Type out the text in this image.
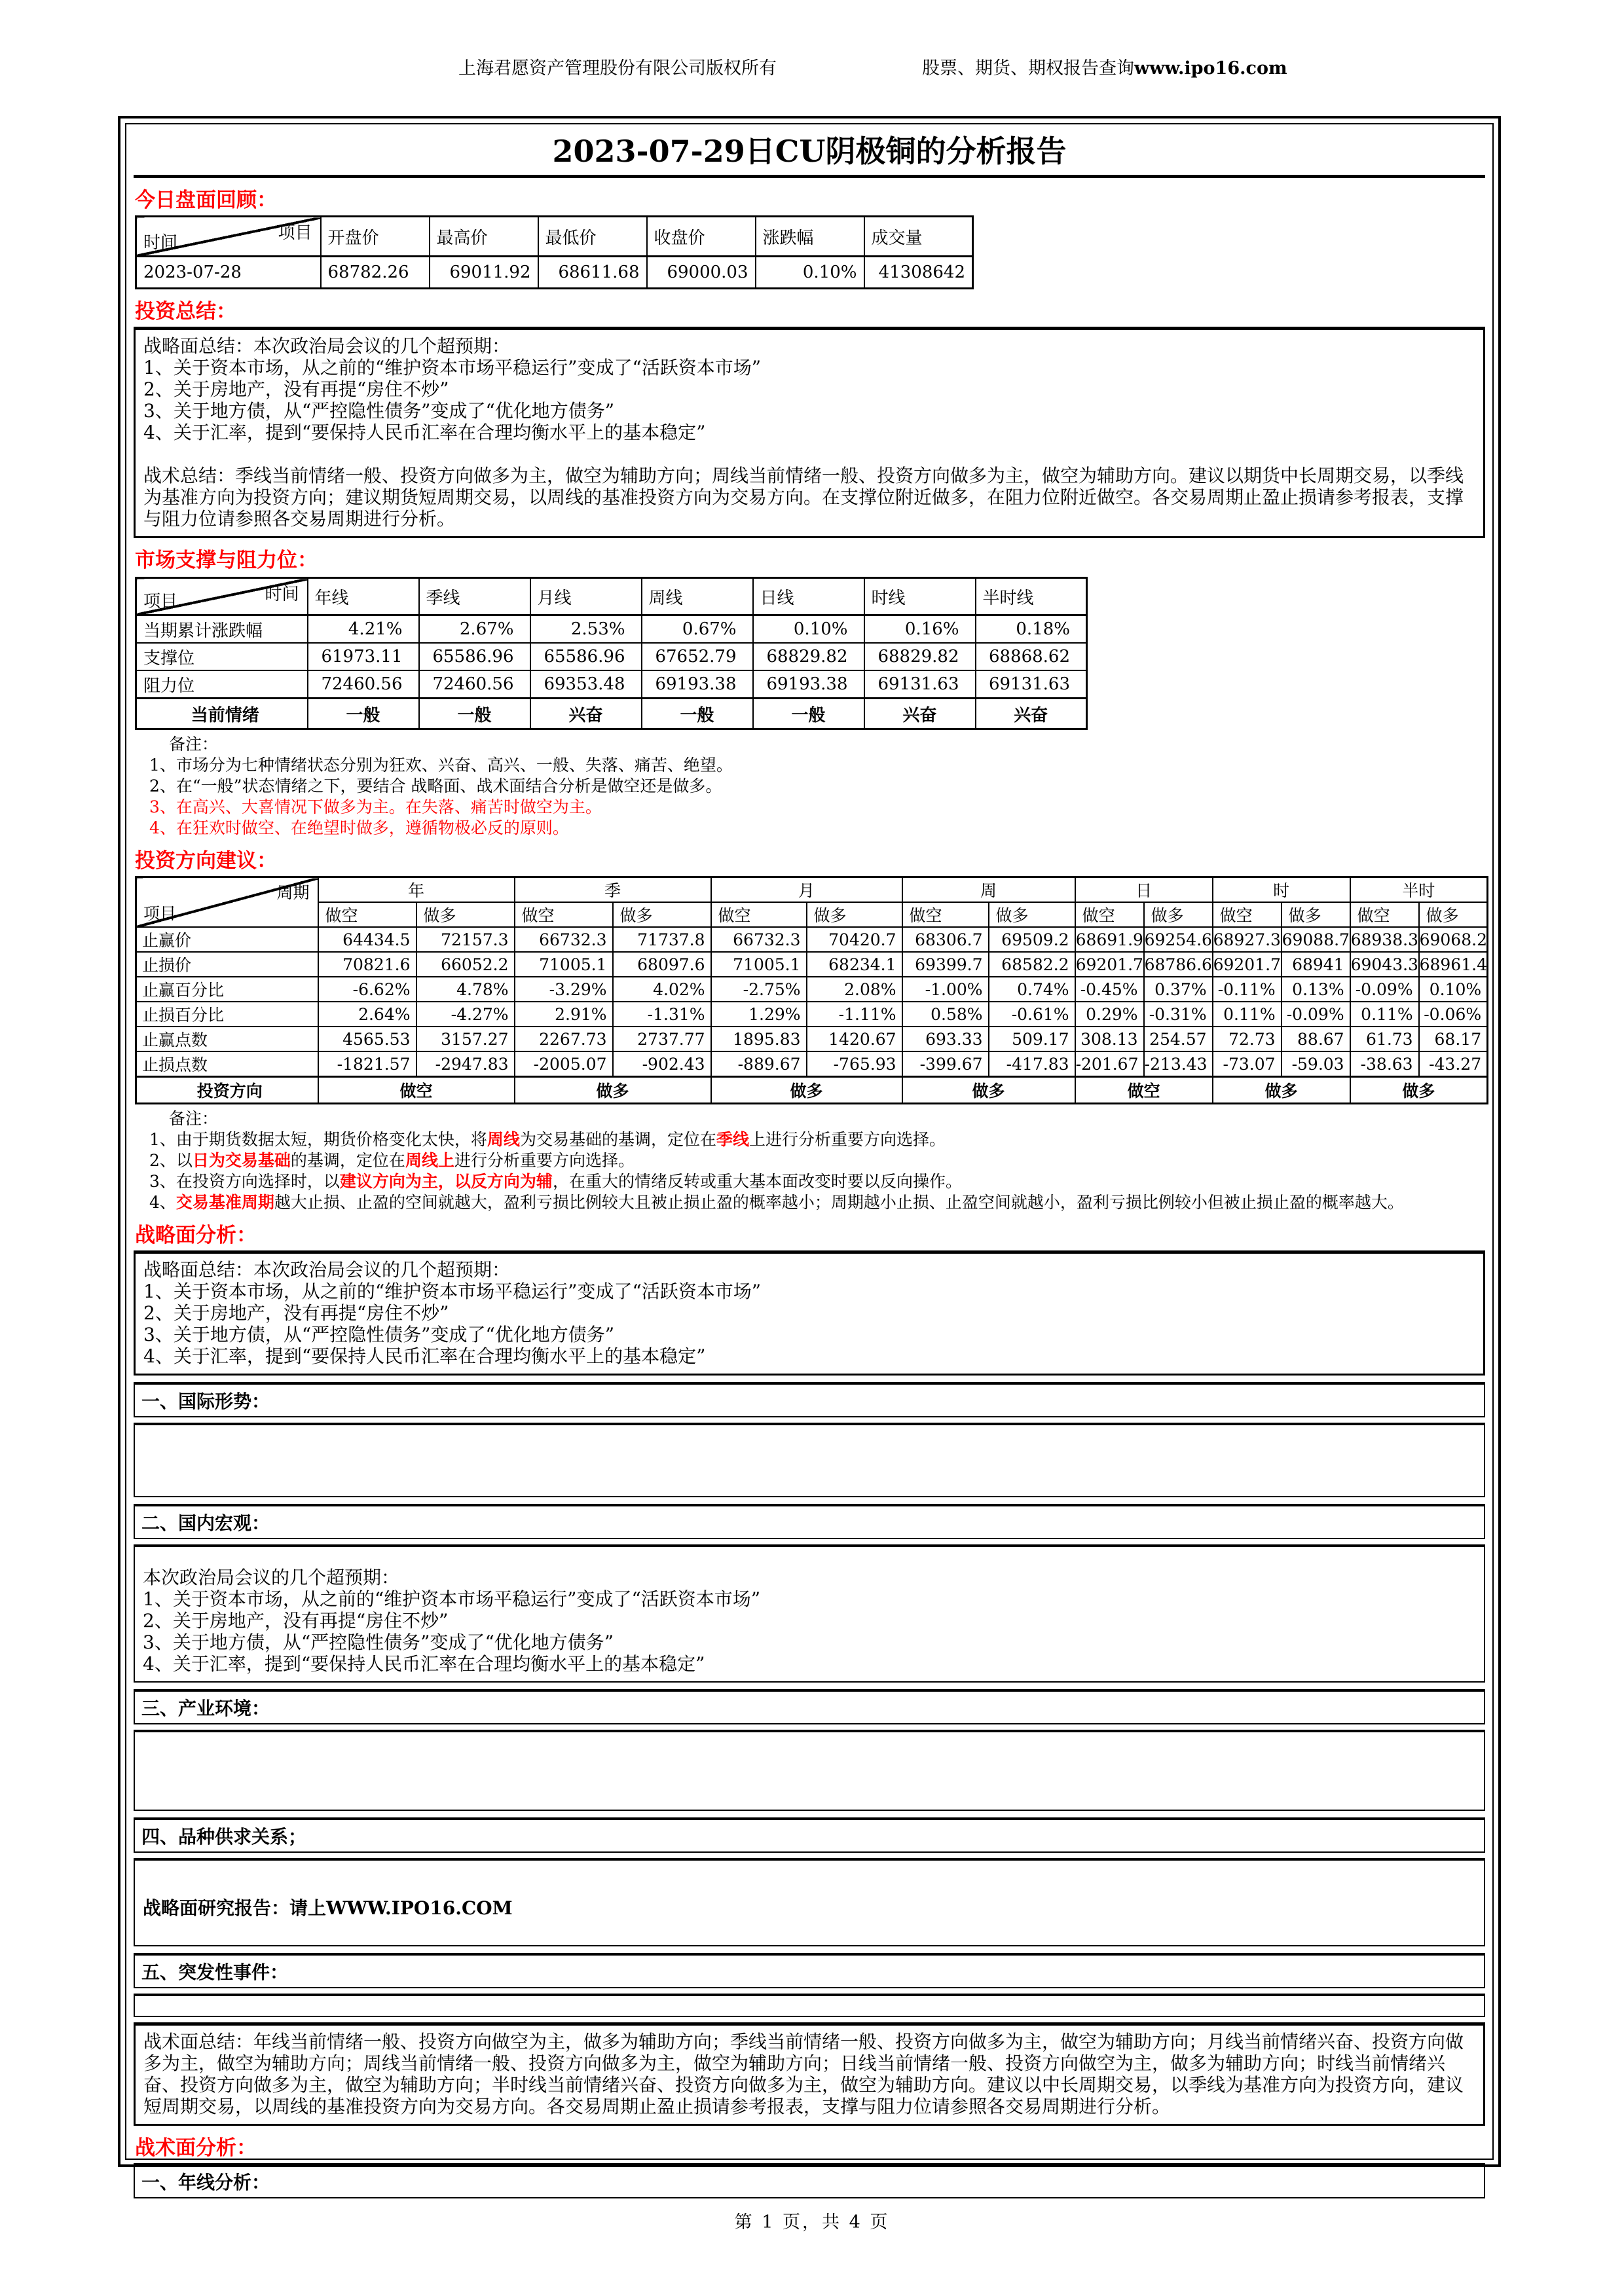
上海君愿资产管理股份有限公司版权所有	股票、期货、期权报告查询www.ipo16.com
2023-07-29日CU阴极铜的分析报告
今日盘面回顾：
项目
时间	开盘价	最高价	最低价	收盘价	涨跌幅	成交量
2023-07-28	68782.26	69011.92	68611.68	69000.03	0.10%	41308642
投资总结：
战略面总结：本次政治局会议的几个超预期：
1、关于资本市场，从之前的“维护资本市场平稳运行”变成了“活跃资本市场”
2、关于房地产，没有再提“房住不炒”
3、关于地方债，从“严控隐性债务”变成了“优化地方债务”
4、关于汇率，提到“要保持人民币汇率在合理均衡水平上的基本稳定”
战术总结：季线当前情绪一般、投资方向做多为主，做空为辅助方向；周线当前情绪一般、投资方向做多为主，做空为辅助方向。建议以期货中长周期交易，以季线为基准方向为投资方向；建议期货短周期交易，以周线的基准投资方向为交易方向。在支撑位附近做多，在阻力位附近做空。各交易周期止盈止损请参考报表，支撑与阻力位请参照各交易周期进行分析。
市场支撑与阻力位：
时间
项目	年线	季线	月线	周线	日线	时线	半时线
当期累计涨跌幅	4.21%	2.67%	2.53%	0.67%	0.10%	0.16%	0.18%
支撑位	61973.11	65586.96	65586.96	67652.79	68829.82	68829.82	68868.62
阻力位	72460.56	72460.56	69353.48	69193.38	69193.38	69131.63	69131.63
当前情绪	一般	一般	兴奋	一般	一般	兴奋	兴奋
备注：
1、市场分为七种情绪状态分别为狂欢、兴奋、高兴、一般、失落、痛苦、绝望。
2、在“一般”状态情绪之下，要结合 战略面、战术面结合分析是做空还是做多。
3、在高兴、大喜情况下做多为主。在失落、痛苦时做空为主。
4、在狂欢时做空、在绝望时做多，遵循物极必反的原则。
投资方向建议：
周期
项目	年		季		月		周		日		时		半时	
	做空	做多	做空	做多	做空	做多	做空	做多	做空	做多	做空	做多	做空	做多
止赢价	64434.5	72157.3	66732.3	71737.8	66732.3	70420.7	68306.7	69509.2	68691.9	69254.6	68927.3	69088.7	68938.3	69068.2
止损价	70821.6	66052.2	71005.1	68097.6	71005.1	68234.1	69399.7	68582.2	69201.7	68786.6	69201.7	68941	69043.3	68961.4
止赢百分比	-6.62%	4.78%	-3.29%	4.02%	-2.75%	2.08%	-1.00%	0.74%	-0.45%	0.37%	-0.11%	0.13%	-0.09%	0.10%
止损百分比	2.64%	-4.27%	2.91%	-1.31%	1.29%	-1.11%	0.58%	-0.61%	0.29%	-0.31%	0.11%	-0.09%	0.11%	-0.06%
止赢点数	4565.53	3157.27	2267.73	2737.77	1895.83	1420.67	693.33	509.17	308.13	254.57	72.73	88.67	61.73	68.17
止损点数	-1821.57	-2947.83	-2005.07	-902.43	-889.67	-765.93	-399.67	-417.83	-201.67	-213.43	-73.07	-59.03	-38.63	-43.27
投资方向	做空		做多		做多		做多		做空		做多		做多	
备注：
1、由于期货数据太短，期货价格变化太快，将周线为交易基础的基调，定位在季线上进行分析重要方向选择。
2、以日为交易基础的基调，定位在周线上进行分析重要方向选择。
3、在投资方向选择时，以建议方向为主，以反方向为辅，在重大的情绪反转或重大基本面改变时要以反向操作。
4、交易基准周期越大止损、止盈的空间就越大，盈利亏损比例较大且被止损止盈的概率越小；周期越小止损、止盈空间就越小，盈利亏损比例较小但被止损止盈的概率越大。
战略面分析：
战略面总结：本次政治局会议的几个超预期：
1、关于资本市场，从之前的“维护资本市场平稳运行”变成了“活跃资本市场”
2、关于房地产，没有再提“房住不炒”
3、关于地方债，从“严控隐性债务”变成了“优化地方债务”
4、关于汇率，提到“要保持人民币汇率在合理均衡水平上的基本稳定”
一、国际形势：
二、国内宏观：
本次政治局会议的几个超预期：
1、关于资本市场，从之前的“维护资本市场平稳运行”变成了“活跃资本市场”
2、关于房地产，没有再提“房住不炒”
3、关于地方债，从“严控隐性债务”变成了“优化地方债务”
4、关于汇率，提到“要保持人民币汇率在合理均衡水平上的基本稳定”
三、产业环境：
四、品种供求关系；
战略面研究报告：请上WWW.IPO16.COM
五、突发性事件：
战术面总结：年线当前情绪一般、投资方向做空为主，做多为辅助方向；季线当前情绪一般、投资方向做多为主，做空为辅助方向；月线当前情绪兴奋、投资方向做多为主，做空为辅助方向；周线当前情绪一般、投资方向做多为主，做空为辅助方向；日线当前情绪一般、投资方向做空为主，做多为辅助方向；时线当前情绪兴奋、投资方向做多为主，做空为辅助方向；半时线当前情绪兴奋、投资方向做多为主，做空为辅助方向。建议以中长周期交易，以季线为基准方向为投资方向，建议短周期交易，以周线的基准投资方向为交易方向。各交易周期止盈止损请参考报表，支撑与阻力位请参照各交易周期进行分析。
战术面分析：
一、年线分析：
第 1 页，共 4 页
